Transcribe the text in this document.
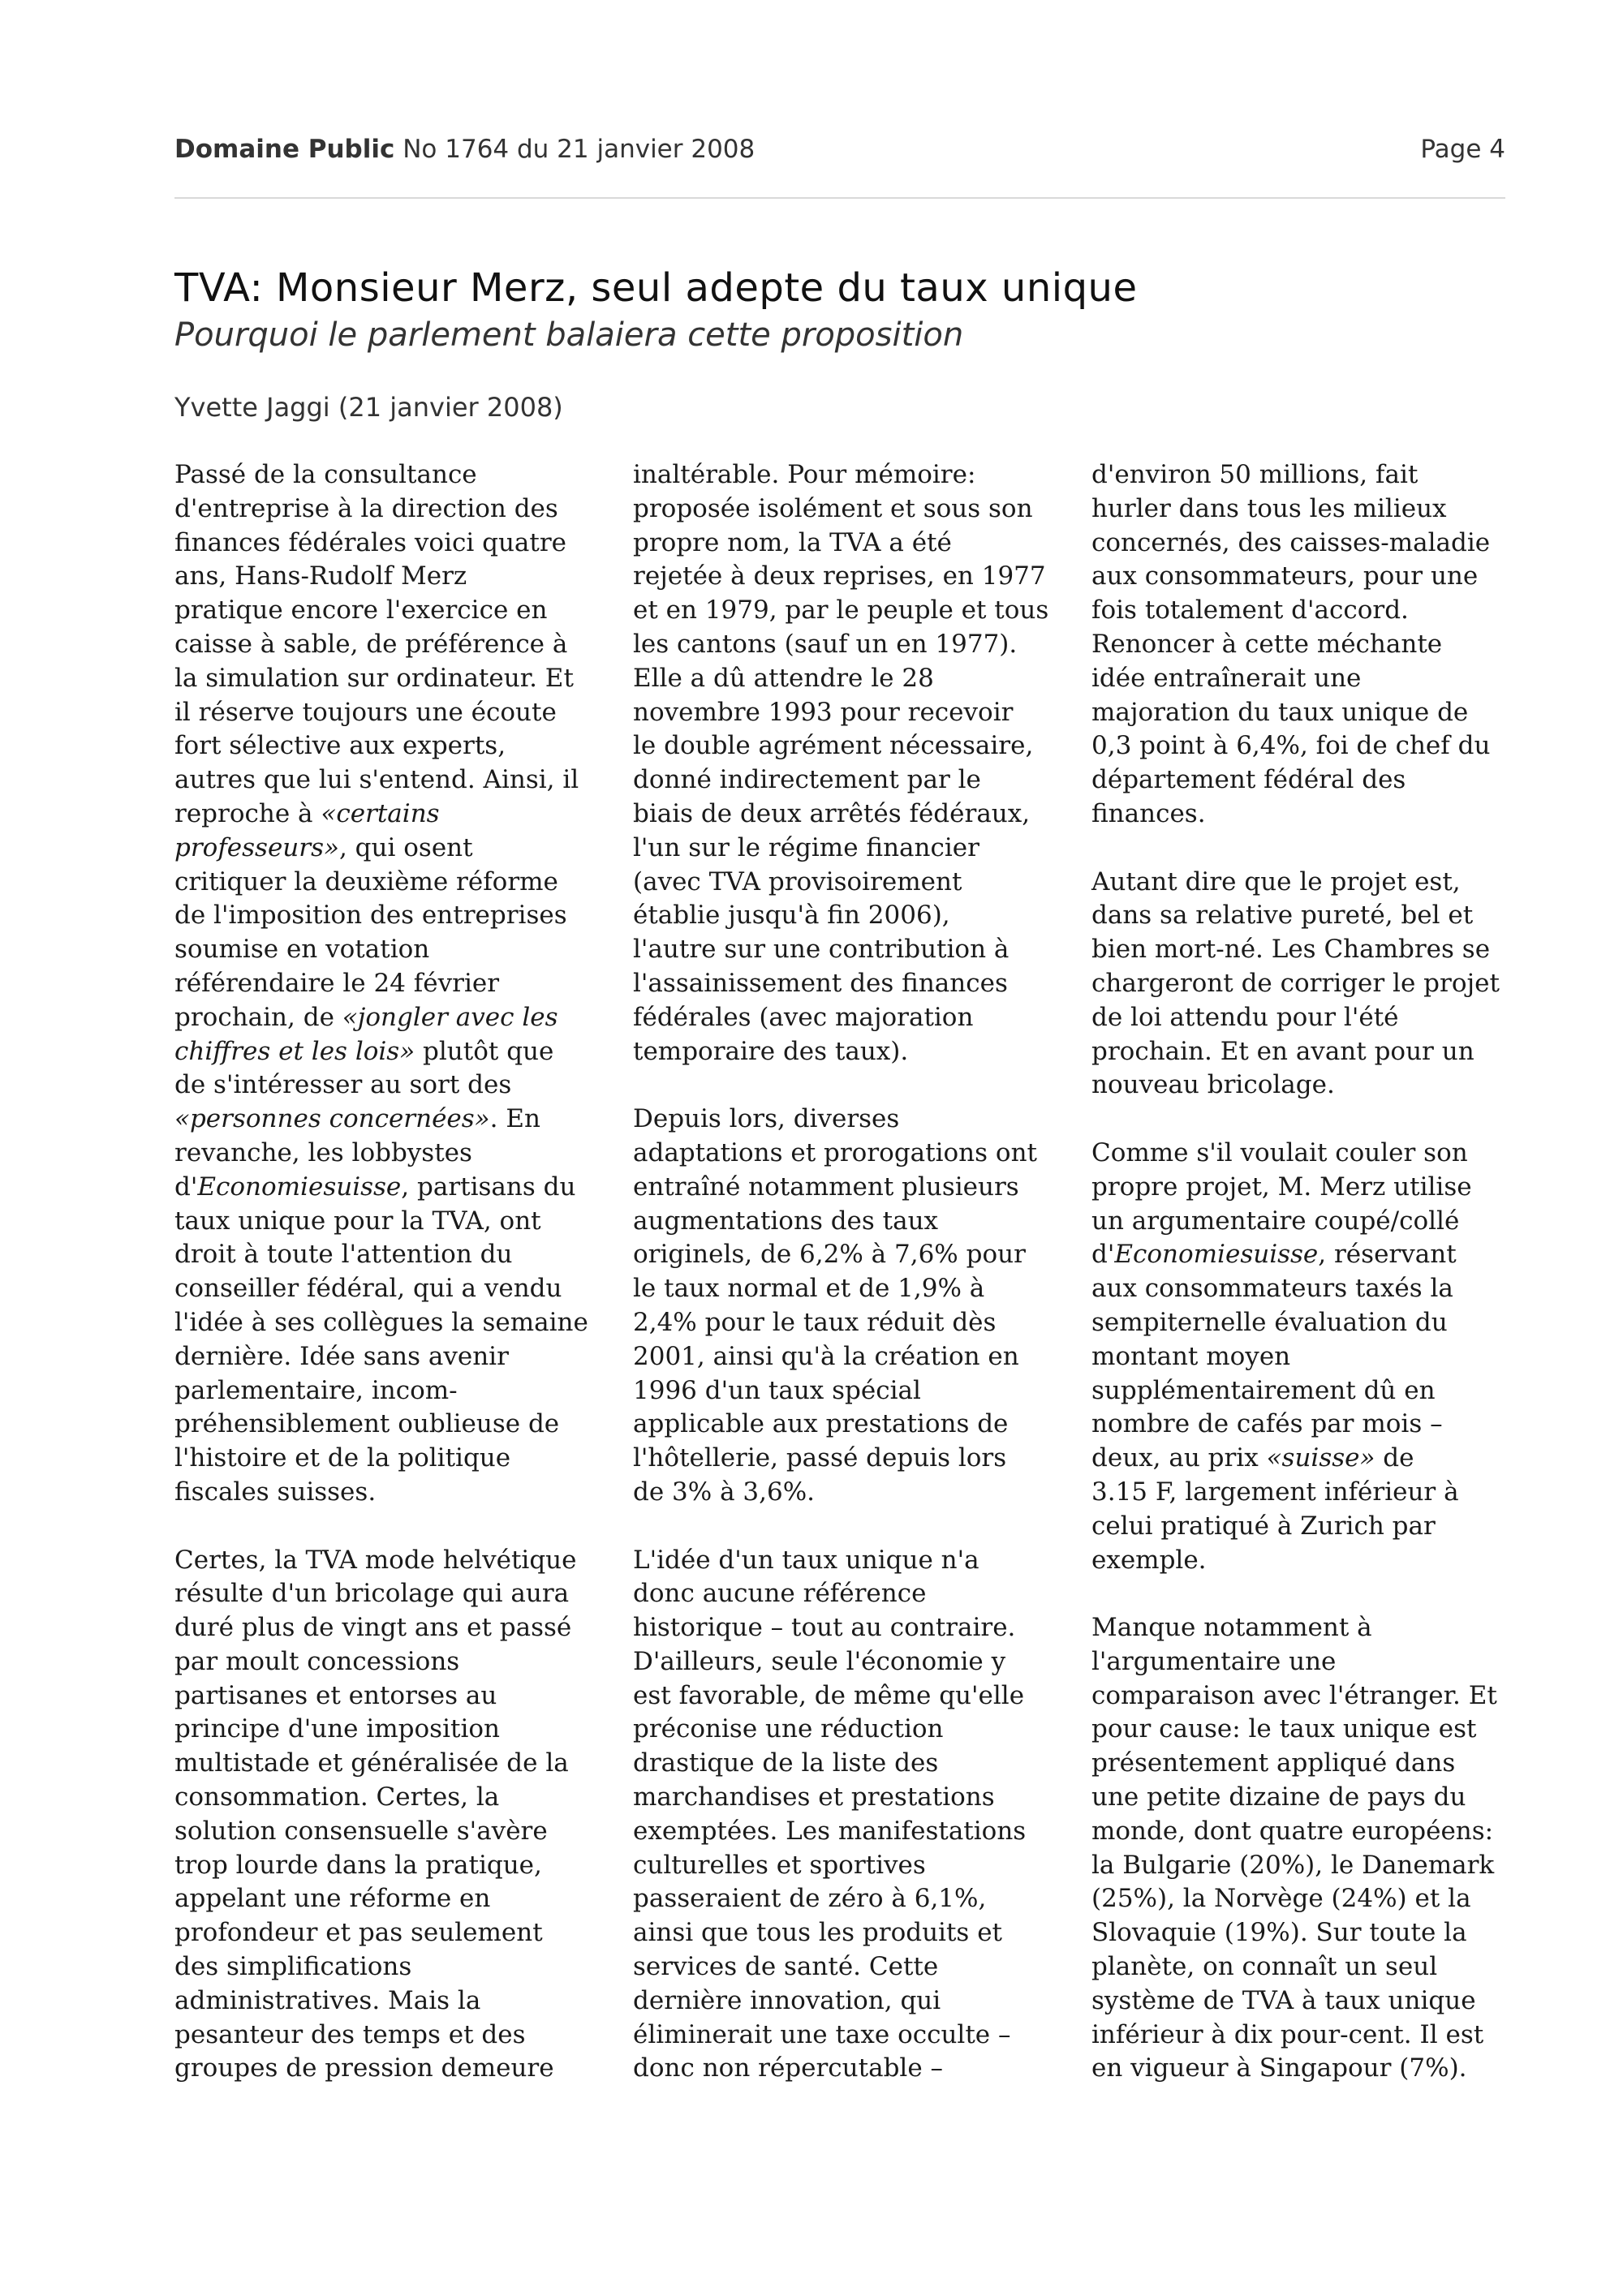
Domaine Public No 1764 du 21 janvier 2008	Page 4
TVA: Monsieur Merz, seul adepte du taux unique
Pourquoi le parlement balaiera cette proposition
Yvette Jaggi (21 janvier 2008)

Passé de la consultance
d'entreprise à la direction des
finances fédérales voici quatre
ans, Hans-Rudolf Merz
pratique encore l'exercice en
caisse à sable, de préférence à
la simulation sur ordinateur. Et
il réserve toujours une écoute
fort sélective aux experts,
autres que lui s'entend. Ainsi, il
reproche à «certains
professeurs», qui osent
critiquer la deuxième réforme
de l'imposition des entreprises
soumise en votation
référendaire le 24 février
prochain, de «jongler avec les
chiffres et les lois» plutôt que
de s'intéresser au sort des
«personnes concernées». En
revanche, les lobbystes
d'Economiesuisse, partisans du
taux unique pour la TVA, ont
droit à toute l'attention du
conseiller fédéral, qui a vendu
l'idée à ses collègues la semaine
dernière. Idée sans avenir
parlementaire, incom-
préhensiblement oublieuse de
l'histoire et de la politique
fiscales suisses.

Certes, la TVA mode helvétique
résulte d'un bricolage qui aura
duré plus de vingt ans et passé
par moult concessions
partisanes et entorses au
principe d'une imposition
multistade et généralisée de la
consommation. Certes, la
solution consensuelle s'avère
trop lourde dans la pratique,
appelant une réforme en
profondeur et pas seulement
des simplifications
administratives. Mais la
pesanteur des temps et des
groupes de pression demeure

inaltérable. Pour mémoire:
proposée isolément et sous son
propre nom, la TVA a été
rejetée à deux reprises, en 1977
et en 1979, par le peuple et tous
les cantons (sauf un en 1977).
Elle a dû attendre le 28
novembre 1993 pour recevoir
le double agrément nécessaire,
donné indirectement par le
biais de deux arrêtés fédéraux,
l'un sur le régime financier
(avec TVA provisoirement
établie jusqu'à fin 2006),
l'autre sur une contribution à
l'assainissement des finances
fédérales (avec majoration
temporaire des taux).

Depuis lors, diverses
adaptations et prorogations ont
entraîné notamment plusieurs
augmentations des taux
originels, de 6,2% à 7,6% pour
le taux normal et de 1,9% à
2,4% pour le taux réduit dès
2001, ainsi qu'à la création en
1996 d'un taux spécial
applicable aux prestations de
l'hôtellerie, passé depuis lors
de 3% à 3,6%.

L'idée d'un taux unique n'a
donc aucune référence
historique – tout au contraire.
D'ailleurs, seule l'économie y
est favorable, de même qu'elle
préconise une réduction
drastique de la liste des
marchandises et prestations
exemptées. Les manifestations
culturelles et sportives
passeraient de zéro à 6,1%,
ainsi que tous les produits et
services de santé. Cette
dernière innovation, qui
éliminerait une taxe occulte –
donc non répercutable –

d'environ 50 millions, fait
hurler dans tous les milieux
concernés, des caisses-maladie
aux consommateurs, pour une
fois totalement d'accord.
Renoncer à cette méchante
idée entraînerait une
majoration du taux unique de
0,3 point à 6,4%, foi de chef du
département fédéral des
finances.

Autant dire que le projet est,
dans sa relative pureté, bel et
bien mort-né. Les Chambres se
chargeront de corriger le projet
de loi attendu pour l'été
prochain. Et en avant pour un
nouveau bricolage.

Comme s'il voulait couler son
propre projet, M. Merz utilise
un argumentaire coupé/collé
d'Economiesuisse, réservant
aux consommateurs taxés la
sempiternelle évaluation du
montant moyen
supplémentairement dû en
nombre de cafés par mois –
deux, au prix «suisse» de
3.15 F, largement inférieur à
celui pratiqué à Zurich par
exemple.

Manque notamment à
l'argumentaire une
comparaison avec l'étranger. Et
pour cause: le taux unique est
présentement appliqué dans
une petite dizaine de pays du
monde, dont quatre européens:
la Bulgarie (20%), le Danemark
(25%), la Norvège (24%) et la
Slovaquie (19%). Sur toute la
planète, on connaît un seul
système de TVA à taux unique
inférieur à dix pour-cent. Il est
en vigueur à Singapour (7%).
